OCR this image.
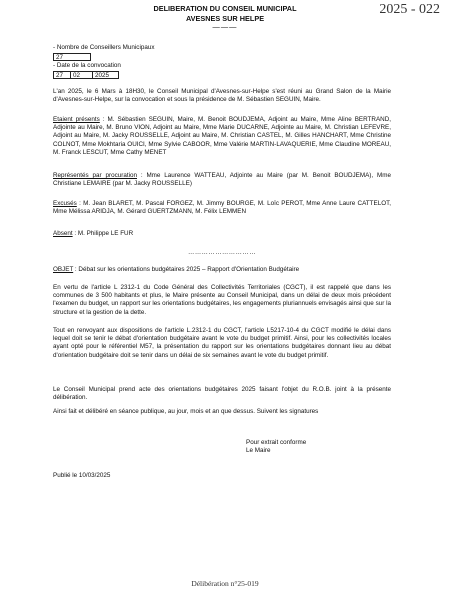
2025 - 022
DELIBERATION DU CONSEIL MUNICIPAL
AVESNES SUR HELPE
———
- Nombre de Conseillers Municipaux
27
- Date de la convocation
27	02	2025
L'an 2025, le 6 Mars à 18H30, le Conseil Municipal d'Avesnes-sur-Helpe s'est réuni au Grand Salon de la Mairie d'Avesnes-sur-Helpe, sur la convocation et sous la présidence de M. Sébastien SEGUIN, Maire.
Etaient présents : M. Sébastien SEGUIN, Maire, M. Benoit BOUDJEMA, Adjoint au Maire, Mme Aline BERTRAND, Adjointe au Maire, M. Bruno VION, Adjoint au Maire, Mme Marie DUCARNE, Adjointe au Maire, M. Christian LEFEVRE, Adjoint au Maire, M. Jacky ROUSSELLE, Adjoint au Maire, M. Christian CASTEL, M. Gilles HANCHART, Mme Christine COLNOT, Mme Mokhtaria OUICI, Mme Sylvie CABOOR, Mme Valérie MARTIN-LAVAQUERIE, Mme Claudine MOREAU, M. Franck LESCUT, Mme Cathy MENET
Représentés par procuration : Mme Laurence WATTEAU, Adjointe au Maire (par M. Benoit BOUDJEMA), Mme Christiane LEMAIRE (par M. Jacky ROUSSELLE)
Excusés : M. Jean BLARET, M. Pascal FORGEZ, M. Jimmy BOURGE, M. Loïc PEROT, Mme Anne Laure CATTELOT, Mme Mélissa ARIDJA, M. Gérard GUERTZMANN, M. Félix LEMMEN
Absent : M. Philippe LE FUR
…………………………
OBJET : Débat sur les orientations budgétaires 2025 – Rapport d'Orientation Budgétaire
En vertu de l'article L 2312-1 du Code Général des Collectivités Territoriales (CGCT), il est rappelé que dans les communes de 3 500 habitants et plus, le Maire présente au Conseil Municipal, dans un délai de deux mois précédent l'examen du budget, un rapport sur les orientations budgétaires, les engagements pluriannuels envisagés ainsi que sur la structure et la gestion de la dette.
Tout en renvoyant aux dispositions de l'article L.2312-1 du CGCT, l'article L5217-10-4 du CGCT modifié le délai dans lequel doit se tenir le débat d'orientation budgétaire avant le vote du budget primitif. Ainsi, pour les collectivités locales ayant opté pour le référentiel M57, la présentation du rapport sur les orientations budgétaires donnant lieu au débat d'orientation budgétaire doit se tenir dans un délai de six semaines avant le vote du budget primitif.
Le Conseil Municipal prend acte des orientations budgétaires 2025 faisant l'objet du R.O.B. joint à la présente délibération.
Ainsi fait et délibéré en séance publique, au jour, mois et an que dessus. Suivent les signatures
Pour extrait conforme
Le Maire
Publié le 10/03/2025
Délibération n°25-019
